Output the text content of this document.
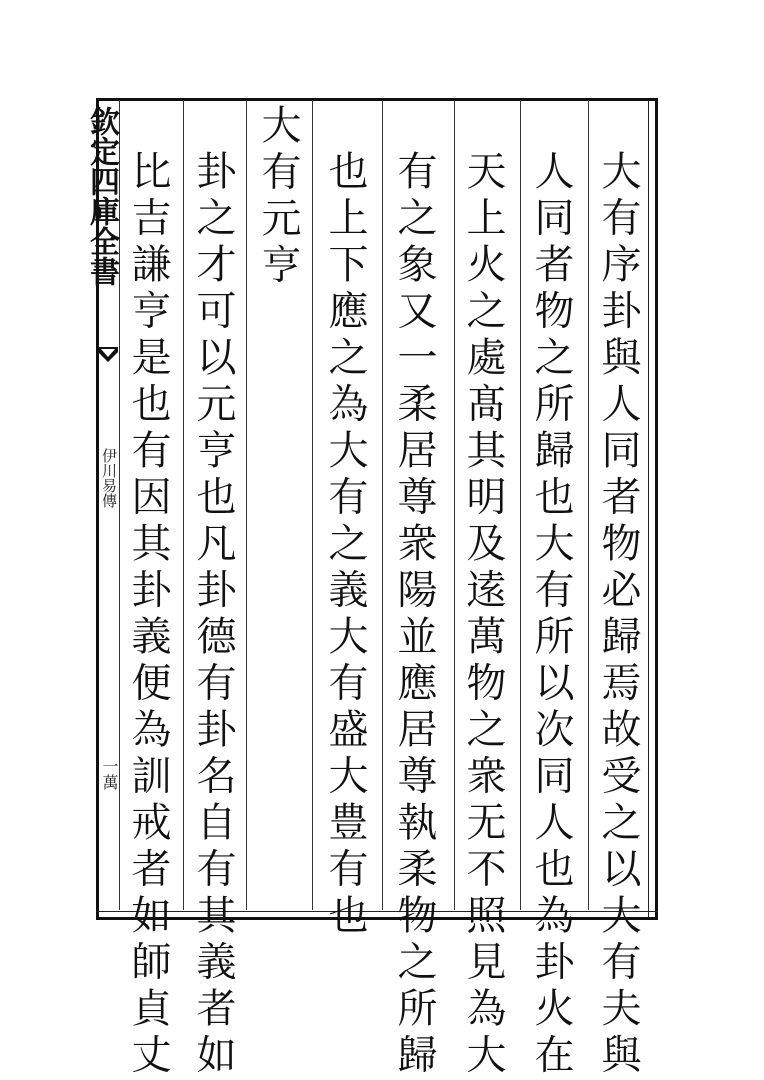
欽定四庫全書
伊川易傳
一萬	大有序卦與人同者物必歸焉故受之以大有夫與
人同者物之所歸也大有所以次同人也為卦火在
天上火之處髙其明及逺萬物之衆无不照見為大
有之象又一柔居尊衆陽並應居尊執柔物之所歸
也上下應之為大有之義大有盛大豊有也
大有元亨
卦之才可以元亨也凡卦德有卦名自有其義者如
比吉謙亨是也有因其卦義便為訓戒者如師貞丈
